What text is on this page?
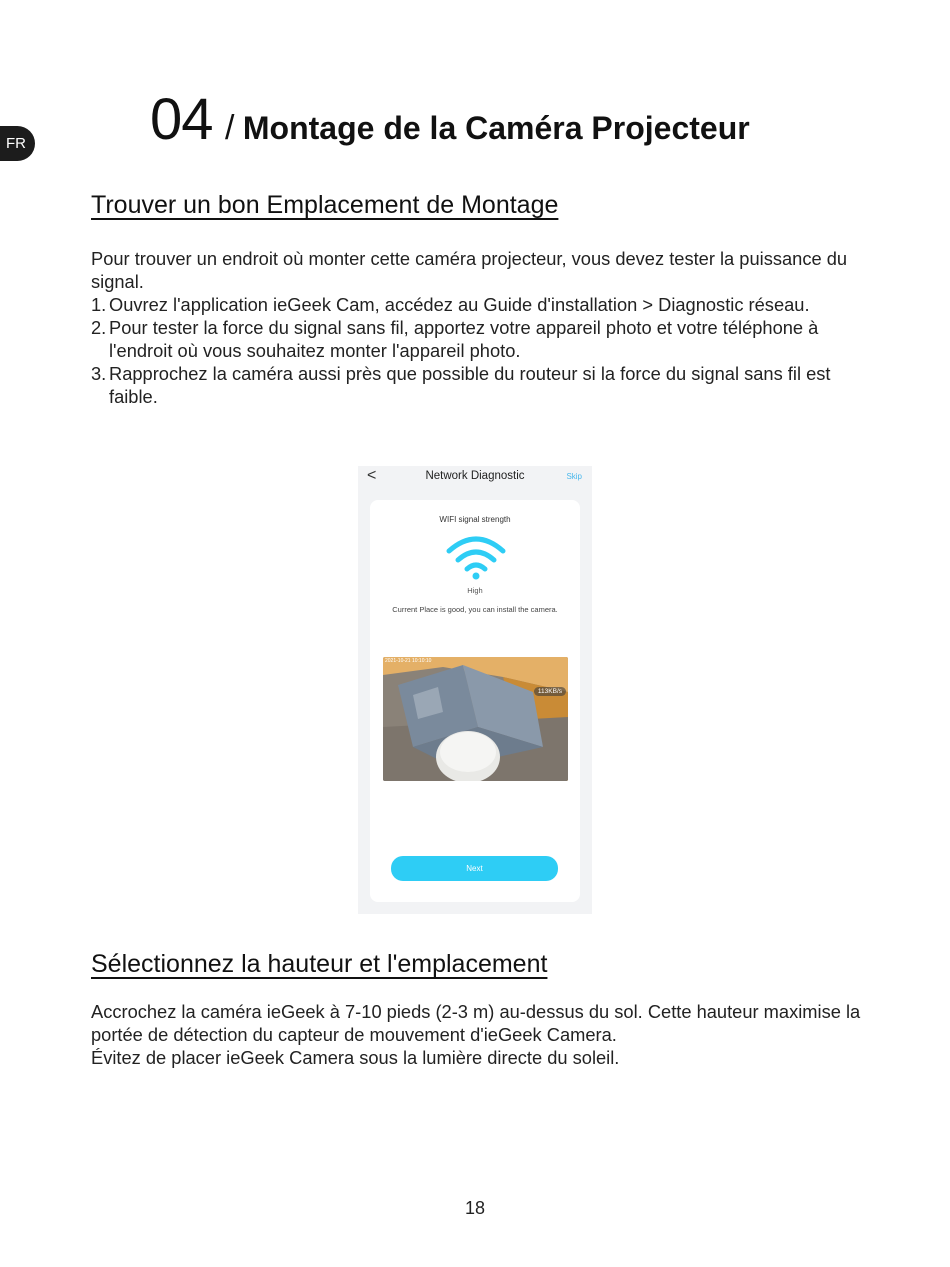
FR 04 / Montage de la Caméra Projecteur
Trouver un bon Emplacement de Montage

Pour trouver un endroit où monter cette caméra projecteur, vous devez tester la puissance du signal.

1. Ouvrez l'application ieGeek Cam, accédez au Guide d'installation > Diagnostic réseau.
2. Pour tester la force du signal sans fil, apportez votre appareil photo et votre téléphone à l'endroit où vous souhaitez monter l'appareil photo.
3. Rapprochez la caméra aussi près que possible du routeur si la force du signal sans fil est faible.
<	Network Diagnostic	Skip
WIFI signal strength
High
Current Place is good, you can install the camera.
2021-10-21 10:10:10
113KB/s
Next
Sélectionnez la hauteur et l'emplacement
Accrochez la caméra ieGeek à 7-10 pieds (2-3 m) au-dessus du sol. Cette hauteur maximise la portée de détection du capteur de mouvement d'ieGeek Camera.
Évitez de placer ieGeek Camera sous la lumière directe du soleil.
18
